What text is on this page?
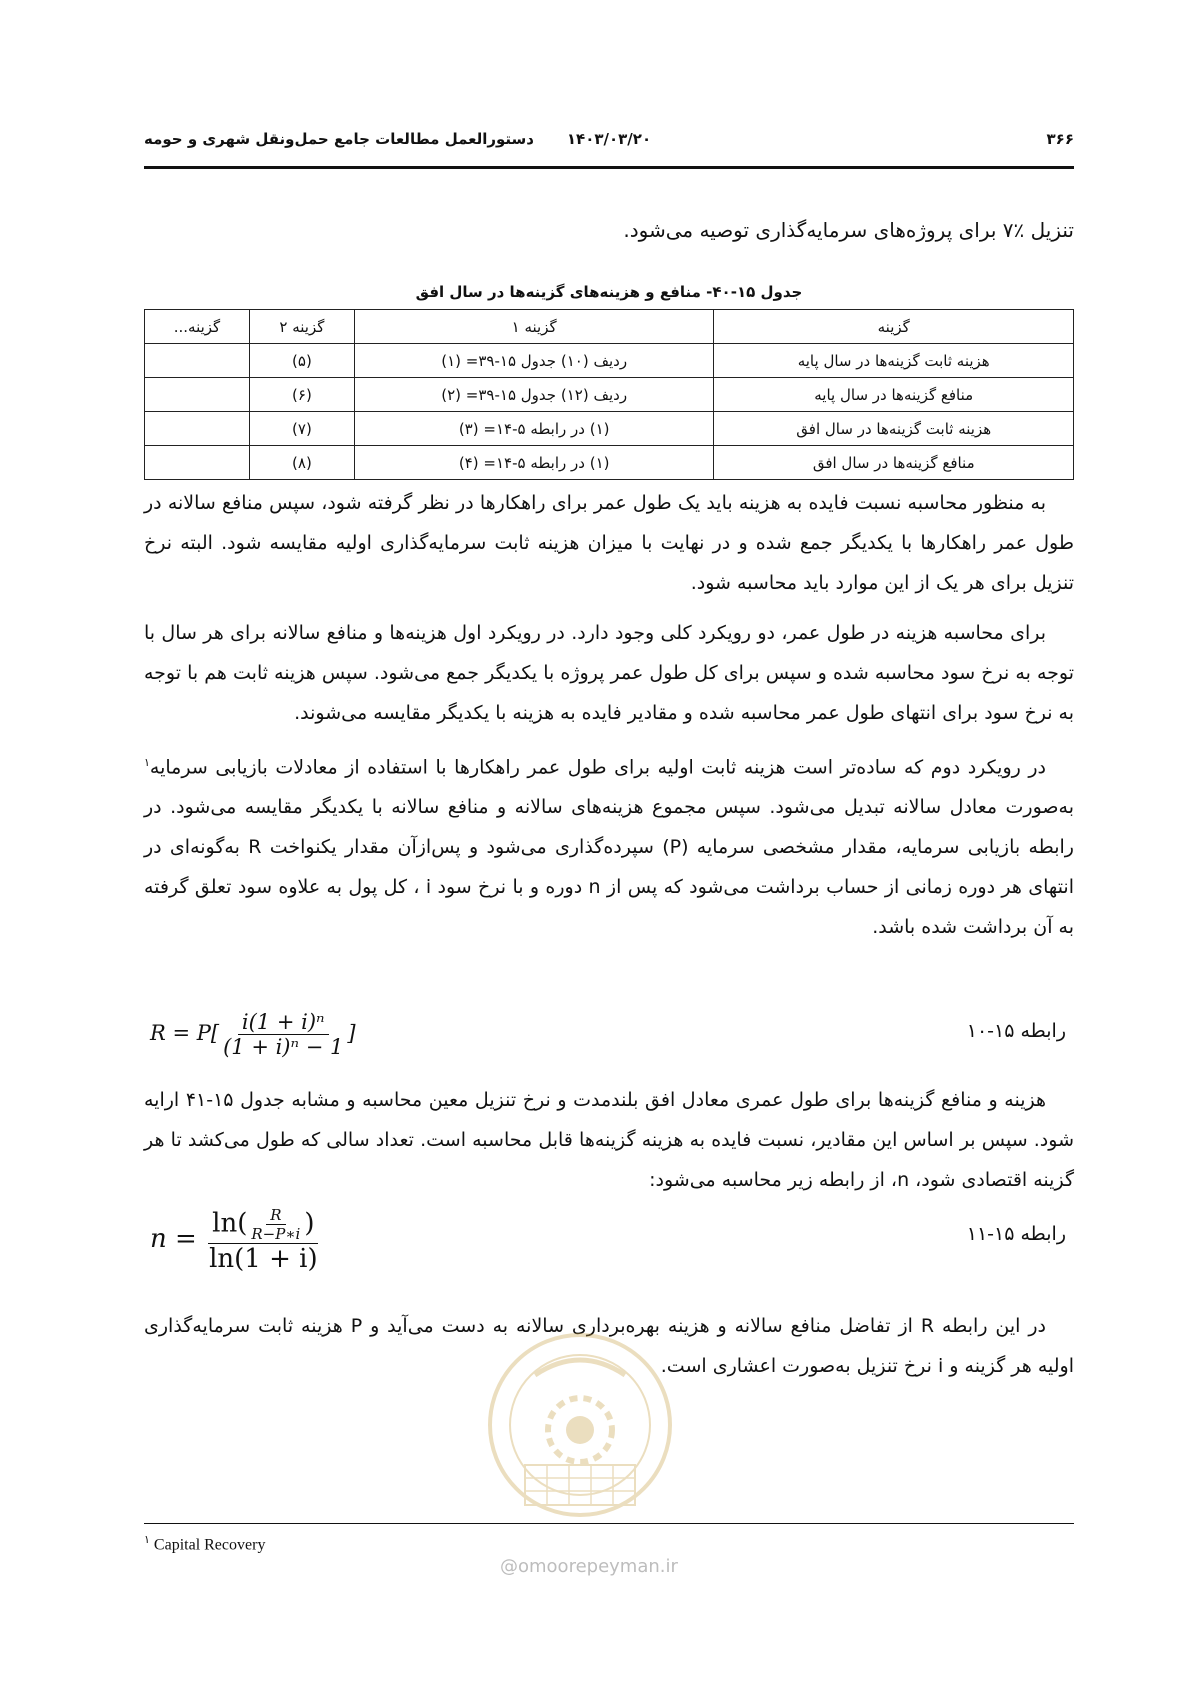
۳۶۶
۱۴۰۳/۰۳/۲۰
دستورالعمل مطالعات جامع حمل‌ونقل شهری و حومه
تنزیل ٪۷ برای پروژه‌های سرمایه‌گذاری توصیه می‌شود.
جدول ۱۵-۴۰- منافع و هزینه‌های گزینه‌ها در سال افق
گزینه	گزینه ۱	گزینه ۲	گزینه...
هزینه ثابت گزینه‌ها در سال پایه	ردیف (۱۰) جدول ۱۵-۳۹= (۱)	(۵)	
منافع گزینه‌ها در سال پایه	ردیف (۱۲) جدول ۱۵-۳۹= (۲)	(۶)	
هزینه ثابت گزینه‌ها در سال افق	(۱) در رابطه ۵-۱۴= (۳)	(۷)	
منافع گزینه‌ها در سال افق	(۱) در رابطه ۵-۱۴= (۴)	(۸)	

به منظور محاسبه نسبت فایده به هزینه باید یک طول عمر برای راهکارها در نظر گرفته شود، سپس منافع سالانه در طول عمر راهکارها با یکدیگر جمع شده و در نهایت با میزان هزینه ثابت سرمایه‌گذاری اولیه مقایسه شود. البته نرخ تنزیل برای هر یک از این موارد باید محاسبه شود.

برای محاسبه هزینه در طول عمر، دو رویکرد کلی وجود دارد. در رویکرد اول هزینه‌ها و منافع سالانه برای هر سال با توجه به نرخ سود محاسبه شده و سپس برای کل طول عمر پروژه با یکدیگر جمع می‌شود. سپس هزینه ثابت هم با توجه به نرخ سود برای انتهای طول عمر محاسبه شده و مقادیر فایده به هزینه با یکدیگر مقایسه می‌شوند.

در رویکرد دوم که ساده‌تر است هزینه ثابت اولیه برای طول عمر راهکارها با استفاده از معادلات بازیابی سرمایه$^۱$ به‌صورت معادل سالانه تبدیل می‌شود. سپس مجموع هزینه‌های سالانه و منافع سالانه با یکدیگر مقایسه می‌شود. در رابطه بازیابی سرمایه، مقدار مشخصی سرمایه (P) سپرده‌گذاری می‌شود و پس‌ازآن مقدار یکنواخت R به‌گونه‌ای در انتهای هر دوره زمانی از حساب برداشت می‌شود که پس از n دوره و با نرخ سود i ، کل پول به علاوه سود تعلق گرفته به آن برداشت شده باشد.

رابطه ۱۵-۱۰
$R = P[ \frac{\text{i(1 + i)ⁿ}}{\text{(1 + i)ⁿ − 1}}$ ]

هزینه و منافع گزینه‌ها برای طول عمری معادل افق بلندمدت و نرخ تنزیل معین محاسبه و مشابه جدول ۱۵-۴۱ ارایه شود. سپس بر اساس این مقادیر، نسبت فایده به هزینه گزینه‌ها قابل محاسبه است. تعداد سالی که طول می‌کشد تا هر گزینه اقتصادی شود، n، از رابطه زیر محاسبه می‌شود:

رابطه ۱۵-۱۱
$n = \frac{\ln( \frac{R}{R-P∗i} )}{\ln(1 + i)}$

در این رابطه R از تفاضل منافع سالانه و هزینه بهره‌برداری سالانه به دست می‌آید و P هزینه ثابت سرمایه‌گذاری اولیه هر گزینه و i نرخ تنزیل به‌صورت اعشاری است.

@omoorepeyman.ir
$^۱$ Capital Recovery
